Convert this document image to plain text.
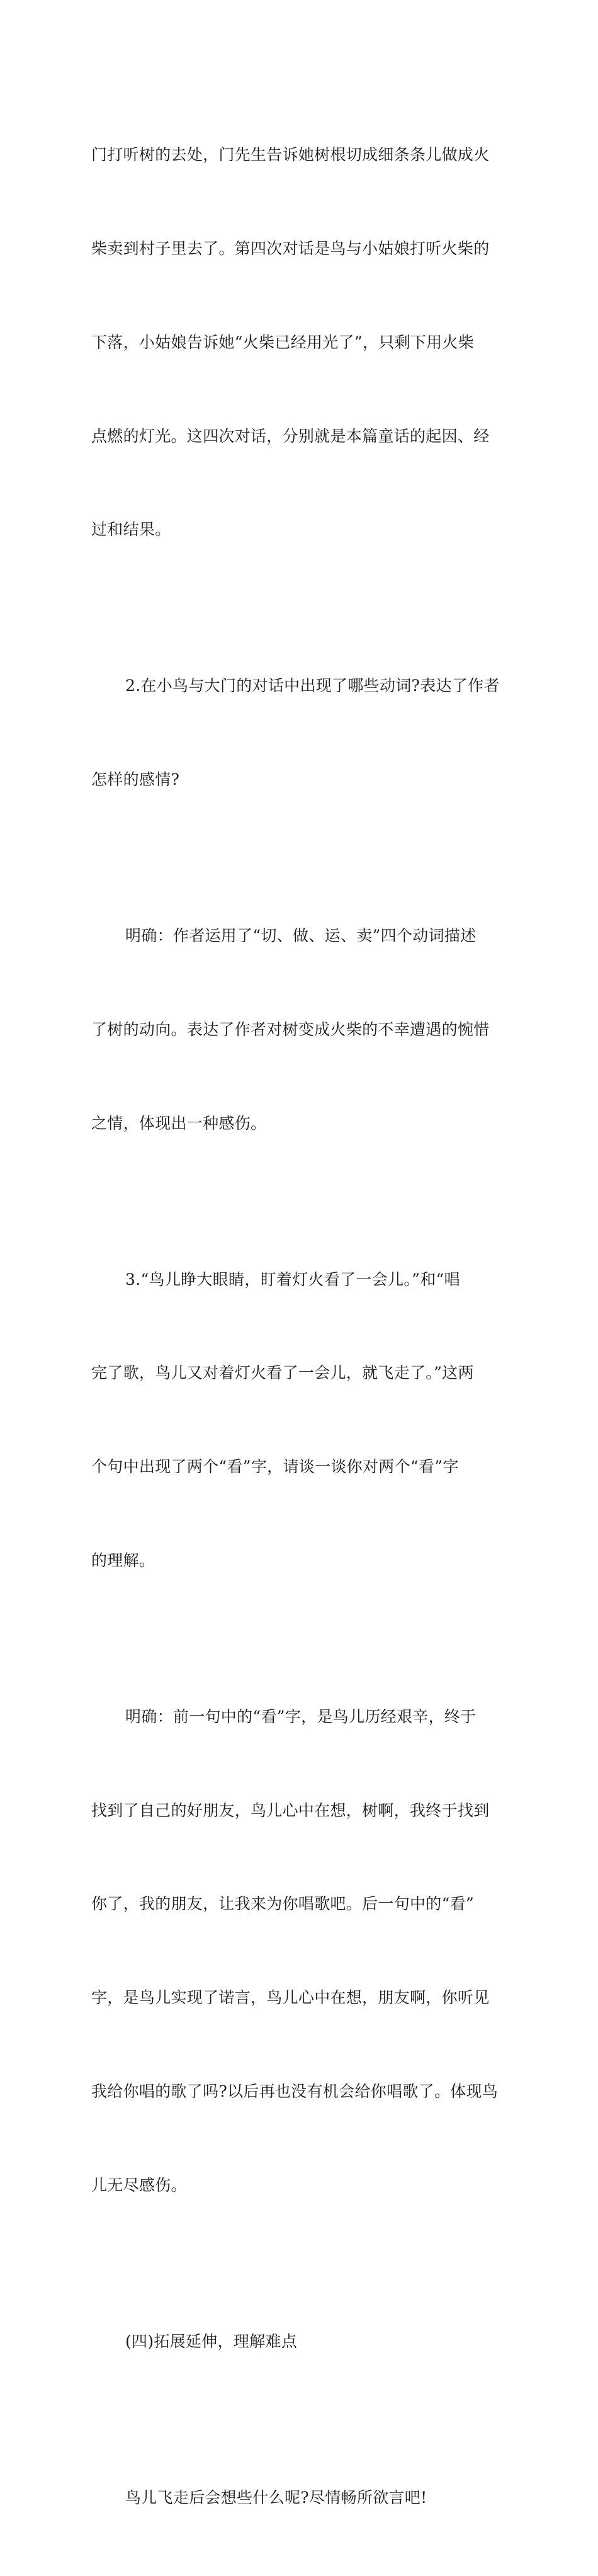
门打听树的去处，门先生告诉她树根切成细条条儿做成火

柴卖到村子里去了。第四次对话是鸟与小姑娘打听火柴的

下落，小姑娘告诉她“火柴已经用光了”，只剩下用火柴

点燃的灯光。这四次对话，分别就是本篇童话的起因、经

过和结果。

2.在小鸟与大门的对话中出现了哪些动词?表达了作者

怎样的感情?

明确：作者运用了“切、做、运、卖”四个动词描述

了树的动向。表达了作者对树变成火柴的不幸遭遇的惋惜

之情，体现出一种感伤。

3.“鸟儿睁大眼睛，盯着灯火看了一会儿。”和“唱

完了歌，鸟儿又对着灯火看了一会儿，就飞走了。”这两

个句中出现了两个“看”字，请谈一谈你对两个“看”字

的理解。

明确：前一句中的“看”字，是鸟儿历经艰辛，终于

找到了自己的好朋友，鸟儿心中在想，树啊，我终于找到

你了，我的朋友，让我来为你唱歌吧。后一句中的“看”

字，是鸟儿实现了诺言，鸟儿心中在想，朋友啊，你听见

我给你唱的歌了吗?以后再也没有机会给你唱歌了。体现鸟

儿无尽感伤。

(四)拓展延伸，理解难点

鸟儿飞走后会想些什么呢?尽情畅所欲言吧!
